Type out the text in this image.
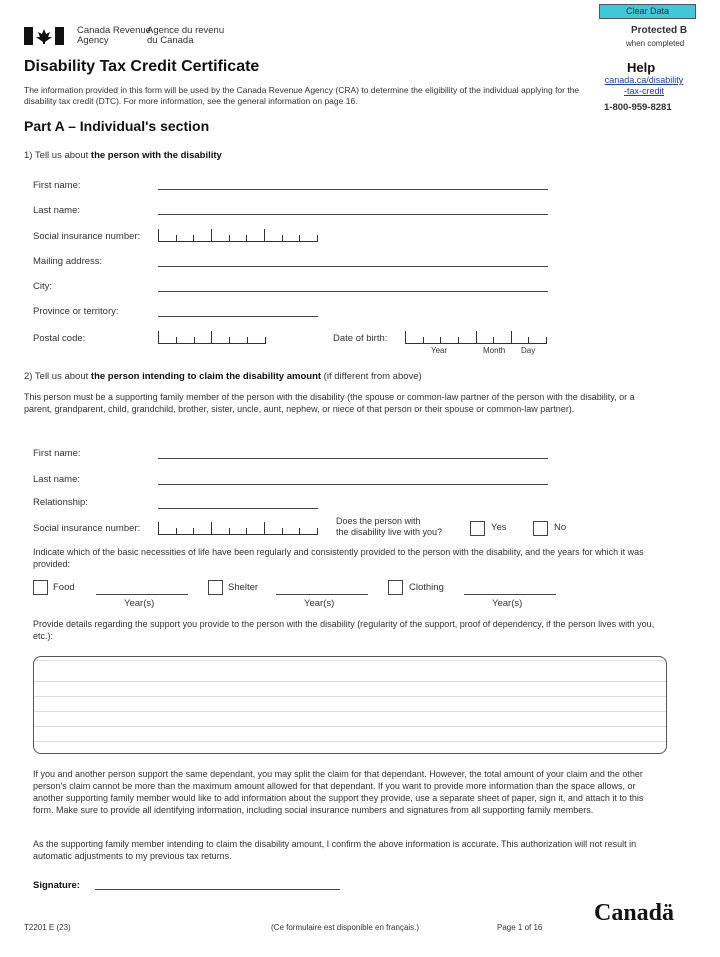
Clear Data
Canada Revenue
Agency
Agence du revenu
du Canada
Protected B
when completed
Disability Tax Credit Certificate
The information provided in this form will be used by the Canada Revenue Agency (CRA) to determine the eligibility of the individual applying for the disability tax credit (DTC). For more information, see the general information on page 16.
Help
canada.ca/disability
-tax-credit
1-800-959-8281
Part A – Individual's section
1) Tell us about the person with the disability
First name:
Last name:
Social insurance number:
Mailing address:
City:
Province or territory:
Postal code:	Date of birth:
Year	Month Day
2) Tell us about the person intending to claim the disability amount (if different from above)
This person must be a supporting family member of the person with the disability (the spouse or common-law partner of the person with the disability, or a parent, grandparent, child, grandchild, brother, sister, uncle, aunt, nephew, or niece of that person or their spouse or common-law partner).
First name:
Last name:
Relationship:
Social insurance number:
Does the person with
the disability live with you?	Yes	No
Indicate which of the basic necessities of life have been regularly and consistently provided to the person with the disability, and the years for which it was provided:
Food
Year(s)
Shelter
Year(s)
Clothing
Year(s)
Provide details regarding the support you provide to the person with the disability (regularity of the support, proof of dependency, if the person lives with you, etc.):
If you and another person support the same dependant, you may split the claim for that dependant. However, the total amount of your claim and the other person's claim cannot be more than the maximum amount allowed for that dependant. If you want to provide more information than the space allows, or another supporting family member would like to add information about the support they provide, use a separate sheet of paper, sign it, and attach it to this form. Make sure to provide all identifying information, including social insurance numbers and signatures from all supporting family members.
As the supporting family member intending to claim the disability amount, I confirm the above information is accurate. This authorization will not result in automatic adjustments to my previous tax returns.
Signature:
T2201 E (23)	(Ce formulaire est disponible en français.)	Page 1 of 16
Canadä
